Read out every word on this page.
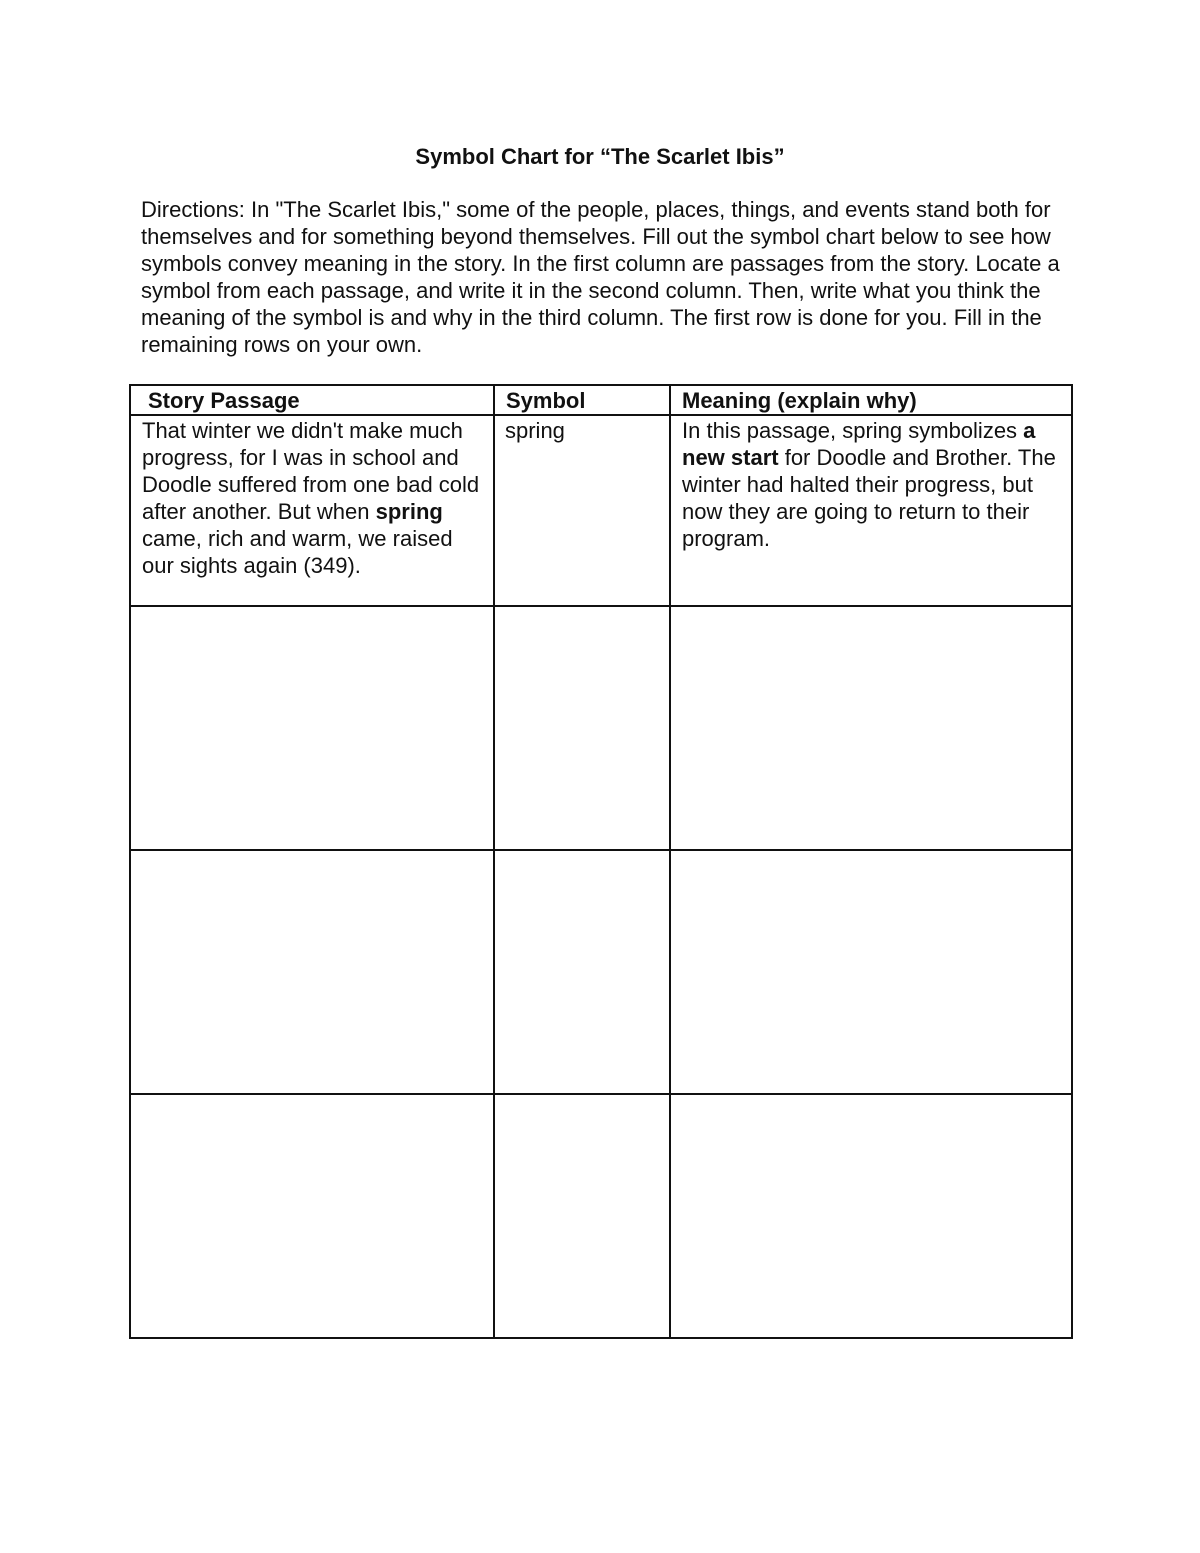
Symbol Chart for “The Scarlet Ibis”
Directions: In "The Scarlet Ibis," some of the people, places, things, and events stand both for themselves and for something beyond themselves. Fill out the symbol chart below to see how symbols convey meaning in the story. In the first column are passages from the story. Locate a symbol from each passage, and write it in the second column. Then, write what you think the meaning of the symbol is and why in the third column. The first row is done for you. Fill in the remaining rows on your own.
Story Passage	Symbol	Meaning (explain why)
That winter we didn't make much progress, for I was in school and Doodle suffered from one bad cold after another. But when spring came, rich and warm, we raised our sights again (349).	spring	In this passage, spring symbolizes a new start for Doodle and Brother. The winter had halted their progress, but now they are going to return to their program.
